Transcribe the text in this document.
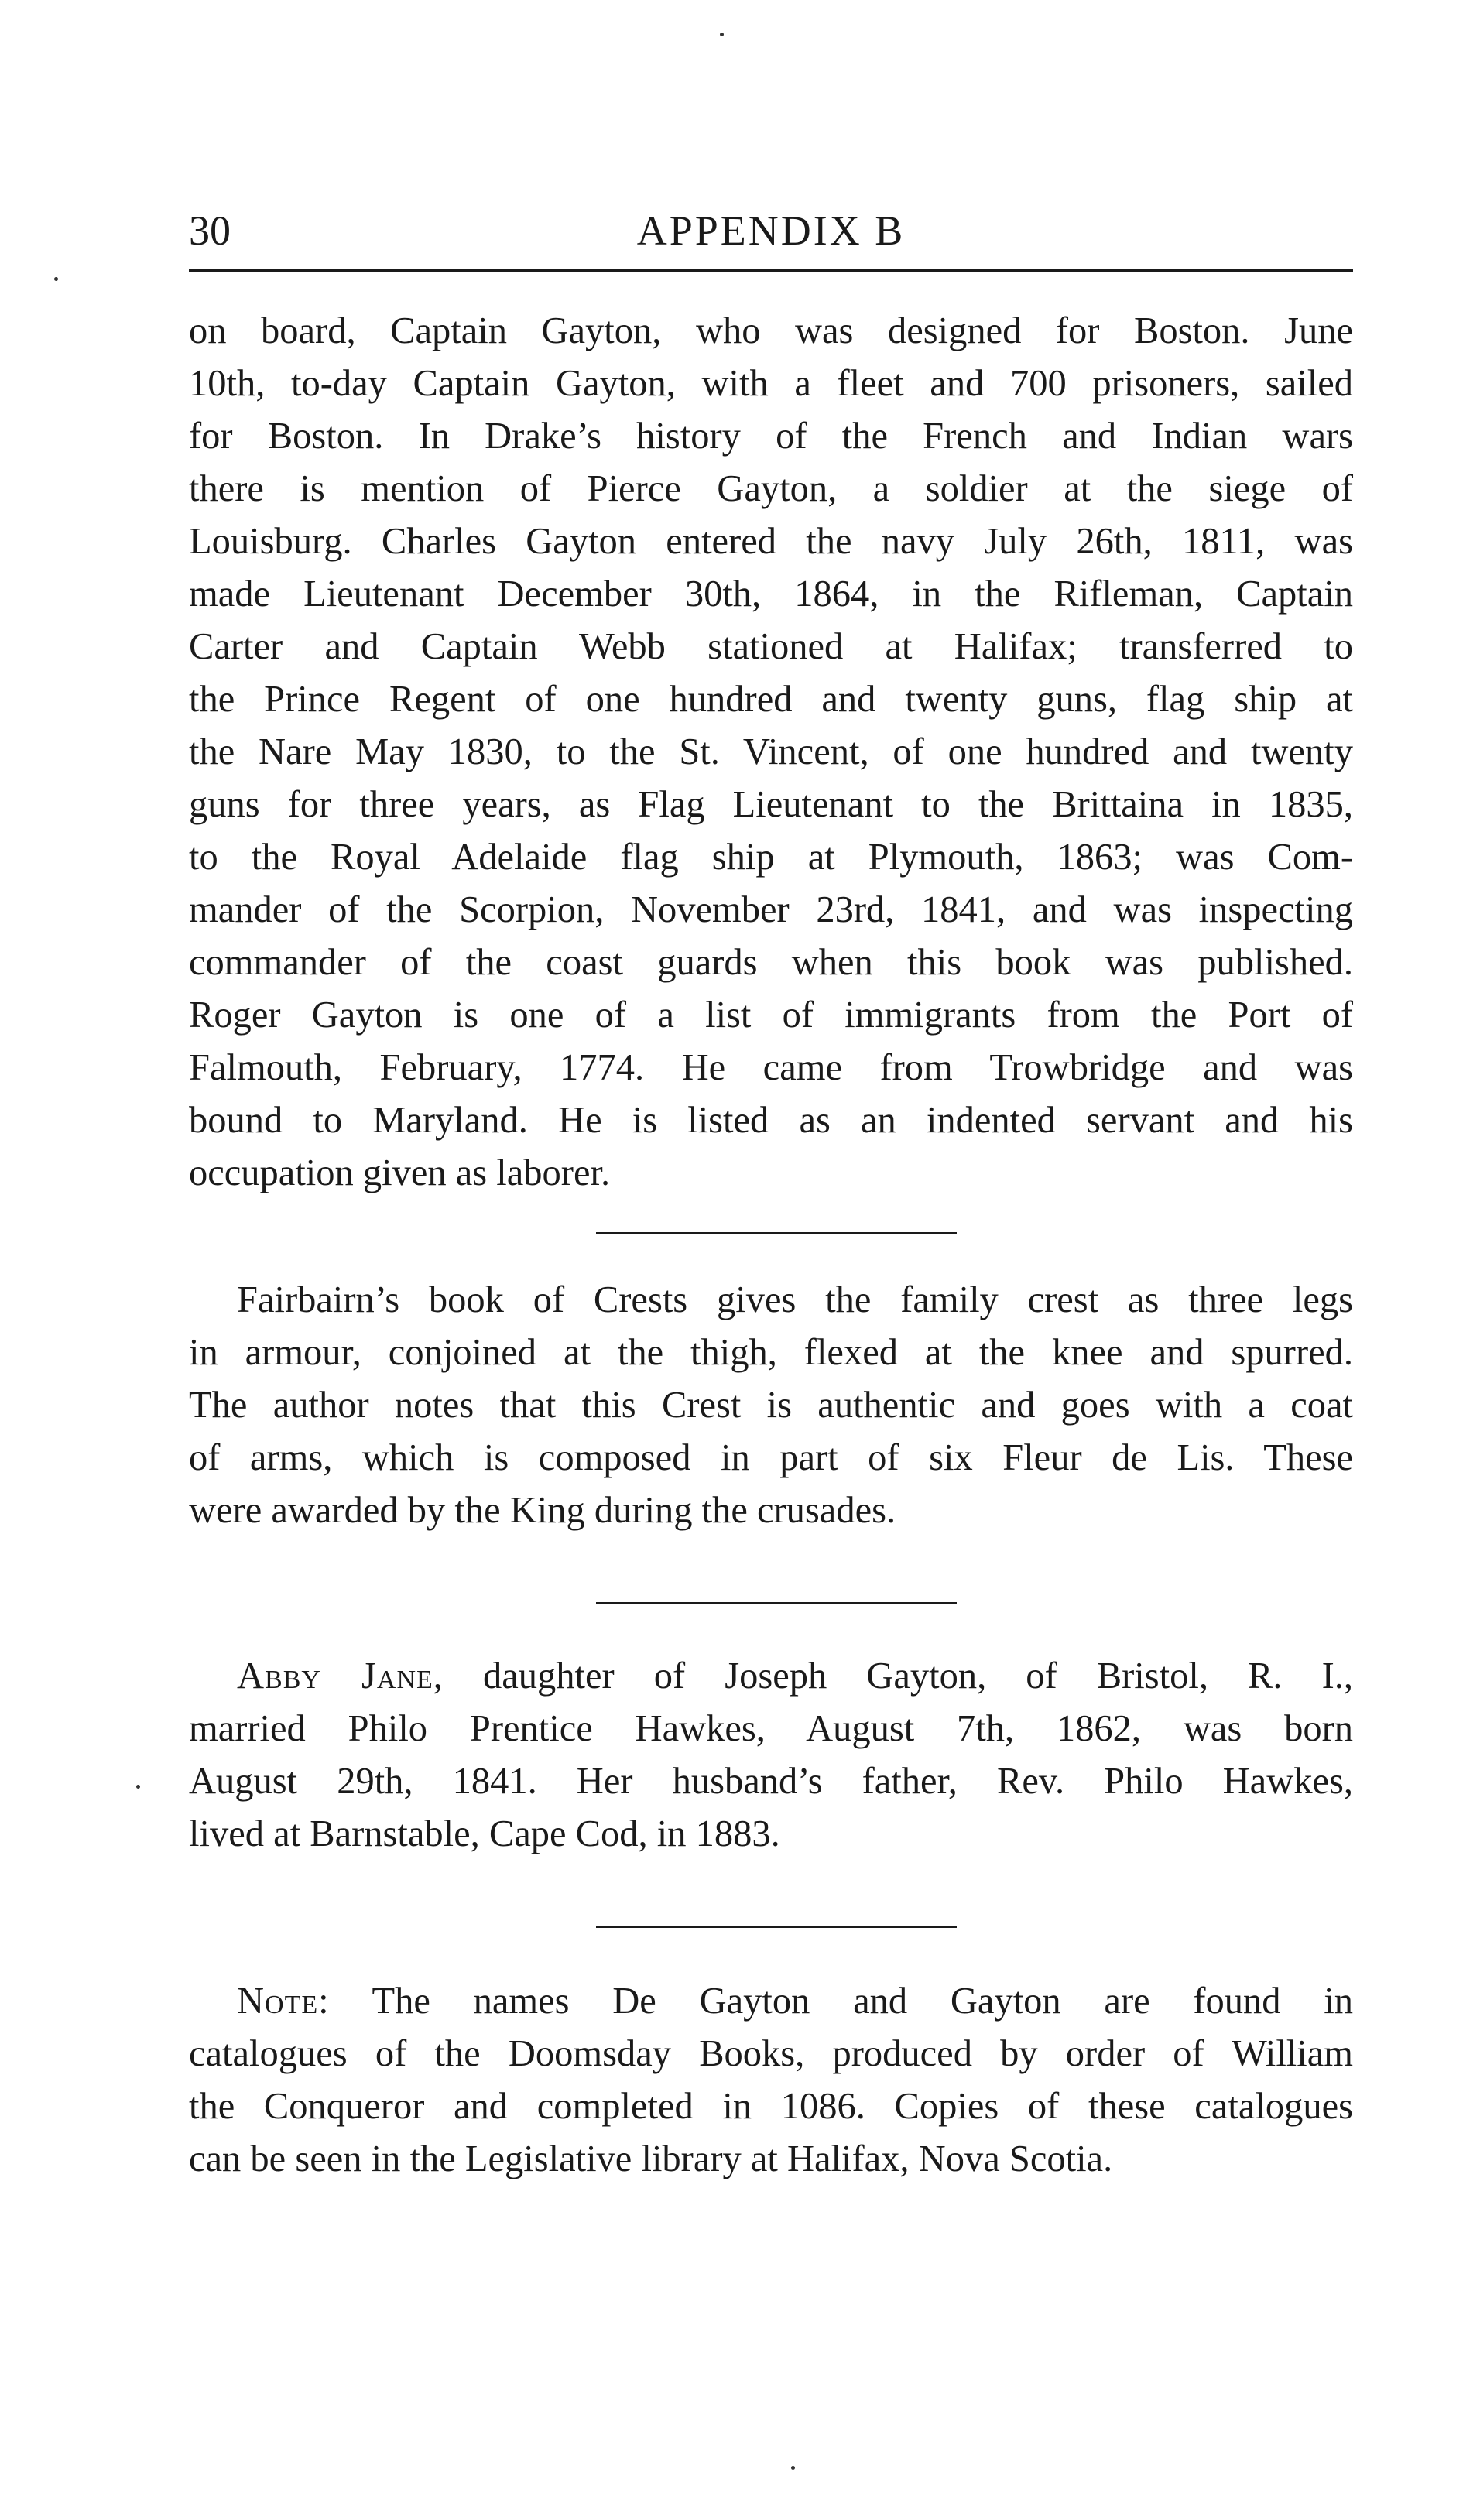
30	APPENDIX B

on board, Captain Gayton, who was designed for Boston. June
10th, to-day Captain Gayton, with a fleet and 700 prisoners, sailed
for Boston. In Drake’s history of the French and Indian wars
there is mention of Pierce Gayton, a soldier at the siege of
Louisburg. Charles Gayton entered the navy July 26th, 1811, was
made Lieutenant December 30th, 1864, in the Rifleman, Captain
Carter and Captain Webb stationed at Halifax; transferred to
the Prince Regent of one hundred and twenty guns, flag ship at
the Nare May 1830, to the St. Vincent, of one hundred and twenty
guns for three years, as Flag Lieutenant to the Brittaina in 1835,
to the Royal Adelaide flag ship at Plymouth, 1863; was Com-
mander of the Scorpion, November 23rd, 1841, and was inspecting
commander of the coast guards when this book was published.
Roger Gayton is one of a list of immigrants from the Port of
Falmouth, February, 1774. He came from Trowbridge and was
bound to Maryland. He is listed as an indented servant and his
occupation given as laborer.

Fairbairn’s book of Crests gives the family crest as three legs
in armour, conjoined at the thigh, flexed at the knee and spurred.
The author notes that this Crest is authentic and goes with a coat
of arms, which is composed in part of six Fleur de Lis. These
were awarded by the King during the crusades.

Abby Jane, daughter of Joseph Gayton, of Bristol, R. I.,
married Philo Prentice Hawkes, August 7th, 1862, was born
August 29th, 1841. Her husband’s father, Rev. Philo Hawkes,
lived at Barnstable, Cape Cod, in 1883.

Note: The names De Gayton and Gayton are found in
catalogues of the Doomsday Books, produced by order of William
the Conqueror and completed in 1086. Copies of these catalogues
can be seen in the Legislative library at Halifax, Nova Scotia.
